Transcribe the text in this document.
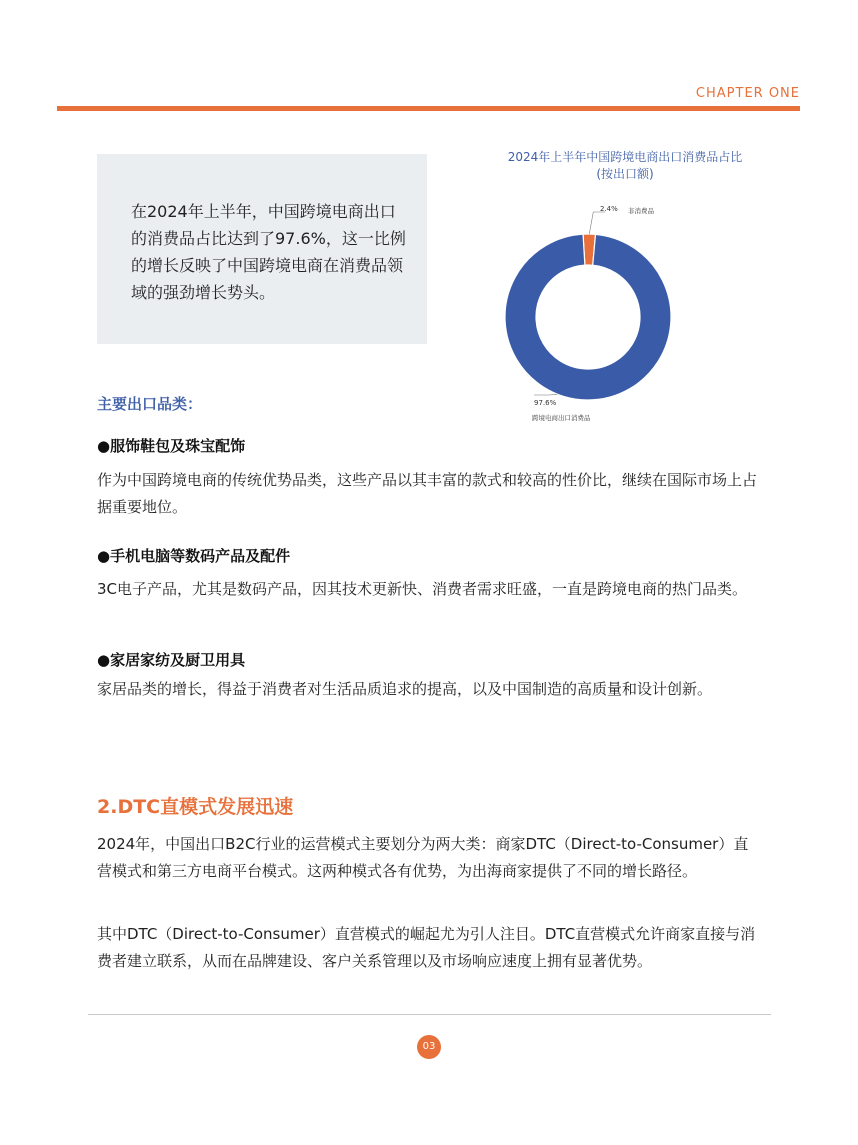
CHAPTER ONE

在2024年上半年，中国跨境电商出口的消费品占比达到了97.6%，这一比例的增长反映了中国跨境电商在消费品领域的强劲增长势头。

2024年上半年中国跨境电商出口消费品占比
(按出口额)
2.4% 非消费品
97.6%
跨境电商出口消费品
主要出口品类：
●服饰鞋包及珠宝配饰

作为中国跨境电商的传统优势品类，这些产品以其丰富的款式和较高的性价比，继续在国际市场上占据重要地位。

●手机电脑等数码产品及配件

3C电子产品，尤其是数码产品，因其技术更新快、消费者需求旺盛，一直是跨境电商的热门品类。

●家居家纺及厨卫用具

家居品类的增长，得益于消费者对生活品质追求的提高，以及中国制造的高质量和设计创新。

2.DTC直模式发展迅速

2024年，中国出口B2C行业的运营模式主要划分为两大类：商家DTC（Direct-to-Consumer）直营模式和第三方电商平台模式。这两种模式各有优势，为出海商家提供了不同的增长路径。

其中DTC（Direct-to-Consumer）直营模式的崛起尤为引人注目。DTC直营模式允许商家直接与消费者建立联系，从而在品牌建设、客户关系管理以及市场响应速度上拥有显著优势。

03
